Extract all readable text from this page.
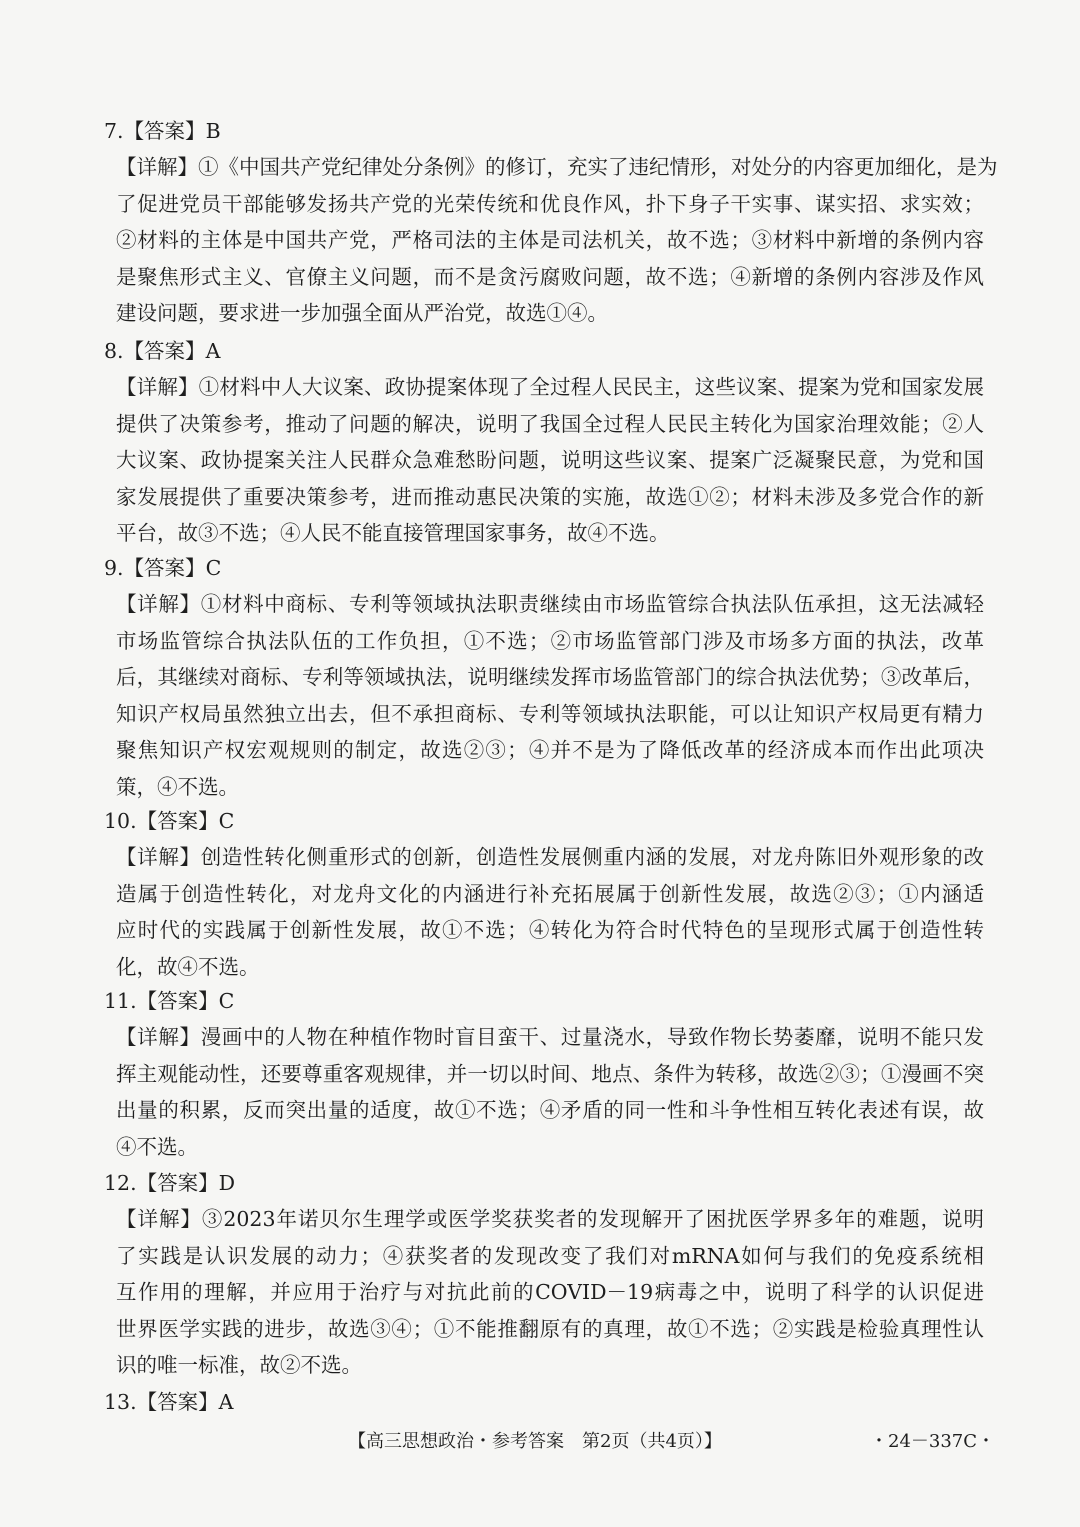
7.【答案】B
【详解】①《中国共产党纪律处分条例》的修订，充实了违纪情形，对处分的内容更加细化，是为
了促进党员干部能够发扬共产党的光荣传统和优良作风，扑下身子干实事、谋实招、求实效；
②材料的主体是中国共产党，严格司法的主体是司法机关，故不选；③材料中新增的条例内容
是聚焦形式主义、官僚主义问题，而不是贪污腐败问题，故不选；④新增的条例内容涉及作风
建设问题，要求进一步加强全面从严治党，故选①④。
8.【答案】A
【详解】①材料中人大议案、政协提案体现了全过程人民民主，这些议案、提案为党和国家发展
提供了决策参考，推动了问题的解决，说明了我国全过程人民民主转化为国家治理效能；②人
大议案、政协提案关注人民群众急难愁盼问题，说明这些议案、提案广泛凝聚民意，为党和国
家发展提供了重要决策参考，进而推动惠民决策的实施，故选①②；材料未涉及多党合作的新
平台，故③不选；④人民不能直接管理国家事务，故④不选。
9.【答案】C
【详解】①材料中商标、专利等领域执法职责继续由市场监管综合执法队伍承担，这无法减轻
市场监管综合执法队伍的工作负担，①不选；②市场监管部门涉及市场多方面的执法，改革
后，其继续对商标、专利等领域执法，说明继续发挥市场监管部门的综合执法优势；③改革后，
知识产权局虽然独立出去，但不承担商标、专利等领域执法职能，可以让知识产权局更有精力
聚焦知识产权宏观规则的制定，故选②③；④并不是为了降低改革的经济成本而作出此项决
策，④不选。
10.【答案】C
【详解】创造性转化侧重形式的创新，创造性发展侧重内涵的发展，对龙舟陈旧外观形象的改
造属于创造性转化，对龙舟文化的内涵进行补充拓展属于创新性发展，故选②③；①内涵适
应时代的实践属于创新性发展，故①不选；④转化为符合时代特色的呈现形式属于创造性转
化，故④不选。
11.【答案】C
【详解】漫画中的人物在种植作物时盲目蛮干、过量浇水，导致作物长势萎靡，说明不能只发
挥主观能动性，还要尊重客观规律，并一切以时间、地点、条件为转移，故选②③；①漫画不突
出量的积累，反而突出量的适度，故①不选；④矛盾的同一性和斗争性相互转化表述有误，故
④不选。
12.【答案】D
【详解】③2023年诺贝尔生理学或医学奖获奖者的发现解开了困扰医学界多年的难题，说明
了实践是认识发展的动力；④获奖者的发现改变了我们对mRNA如何与我们的免疫系统相
互作用的理解，并应用于治疗与对抗此前的COVID－19病毒之中，说明了科学的认识促进
世界医学实践的进步，故选③④；①不能推翻原有的真理，故①不选；②实践是检验真理性认
识的唯一标准，故②不选。
13.【答案】A
【高三思想政治・参考答案　第2页（共4页）】	・24－337C・
